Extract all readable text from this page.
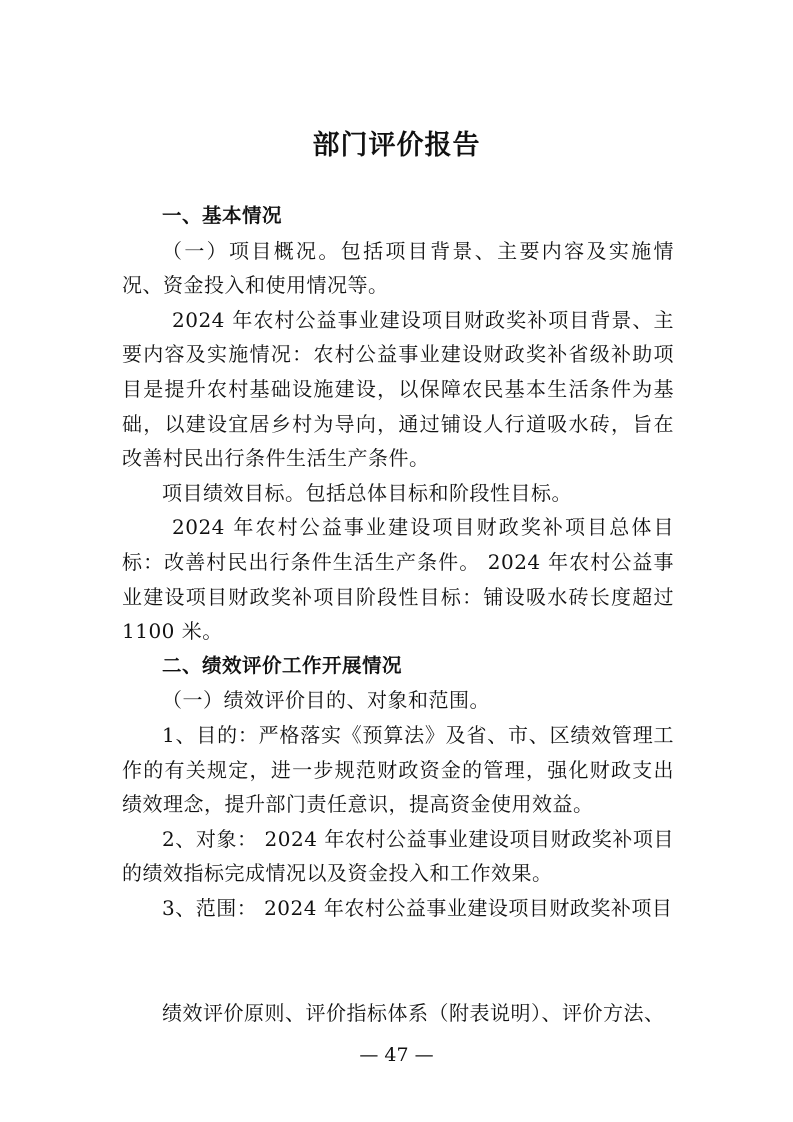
部门评价报告

一、基本情况

（一）项目概况。包括项目背景、主要内容及实施情况、资金投入和使用情况等。

2024 年农村公益事业建设项目财政奖补项目背景、主要内容及实施情况：农村公益事业建设财政奖补省级补助项目是提升农村基础设施建设，以保障农民基本生活条件为基础，以建设宜居乡村为导向，通过铺设人行道吸水砖，旨在改善村民出行条件生活生产条件。

项目绩效目标。包括总体目标和阶段性目标。

2024 年农村公益事业建设项目财政奖补项目总体目标：改善村民出行条件生活生产条件。 2024 年农村公益事业建设项目财政奖补项目阶段性目标：铺设吸水砖长度超过1100 米。

二、绩效评价工作开展情况

（一）绩效评价目的、对象和范围。

1、目的：严格落实《预算法》及省、市、区绩效管理工作的有关规定，进一步规范财政资金的管理，强化财政支出绩效理念，提升部门责任意识，提高资金使用效益。

2、对象： 2024 年农村公益事业建设项目财政奖补项目的绩效指标完成情况以及资金投入和工作效果。

3、范围： 2024 年农村公益事业建设项目财政奖补项目

绩效评价原则、评价指标体系（附表说明）、评价方法、
— 47 —
